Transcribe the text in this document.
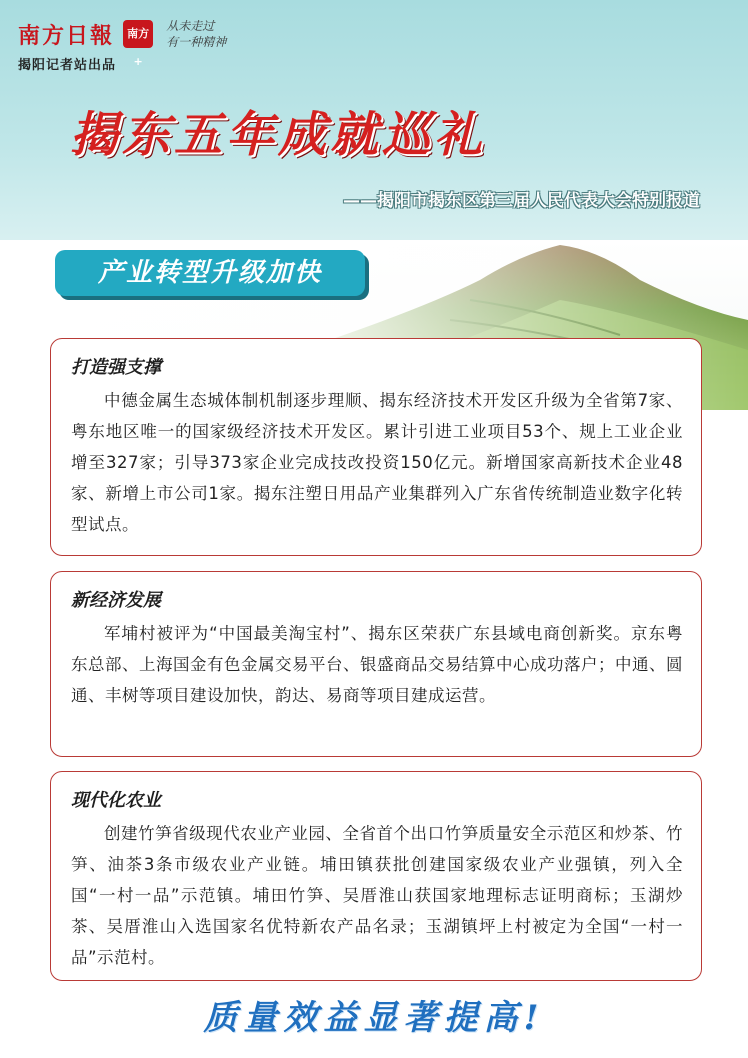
南方日報 南方+ 从未走过
有一种精神
揭阳记者站出品
揭东五年成就巡礼
——揭阳市揭东区第三届人民代表大会特别报道
产业转型升级加快
打造强支撑
中德金属生态城体制机制逐步理顺、揭东经济技术开发区升级为全省第7家、粤东地区唯一的国家级经济技术开发区。累计引进工业项目53个、规上工业企业增至327家；引导373家企业完成技改投资150亿元。新增国家高新技术企业48家、新增上市公司1家。揭东注塑日用品产业集群列入广东省传统制造业数字化转型试点。
新经济发展
军埔村被评为“中国最美淘宝村”、揭东区荣获广东县域电商创新奖。京东粤东总部、上海国金有色金属交易平台、银盛商品交易结算中心成功落户；中通、圆通、丰树等项目建设加快，韵达、易商等项目建成运营。
现代化农业
创建竹笋省级现代农业产业园、全省首个出口竹笋质量安全示范区和炒茶、竹笋、油茶3条市级农业产业链。埔田镇获批创建国家级农业产业强镇，列入全国“一村一品”示范镇。埔田竹笋、吴厝淮山获国家地理标志证明商标；玉湖炒茶、吴厝淮山入选国家名优特新农产品名录；玉湖镇坪上村被定为全国“一村一品”示范村。
质量效益显著提高!
